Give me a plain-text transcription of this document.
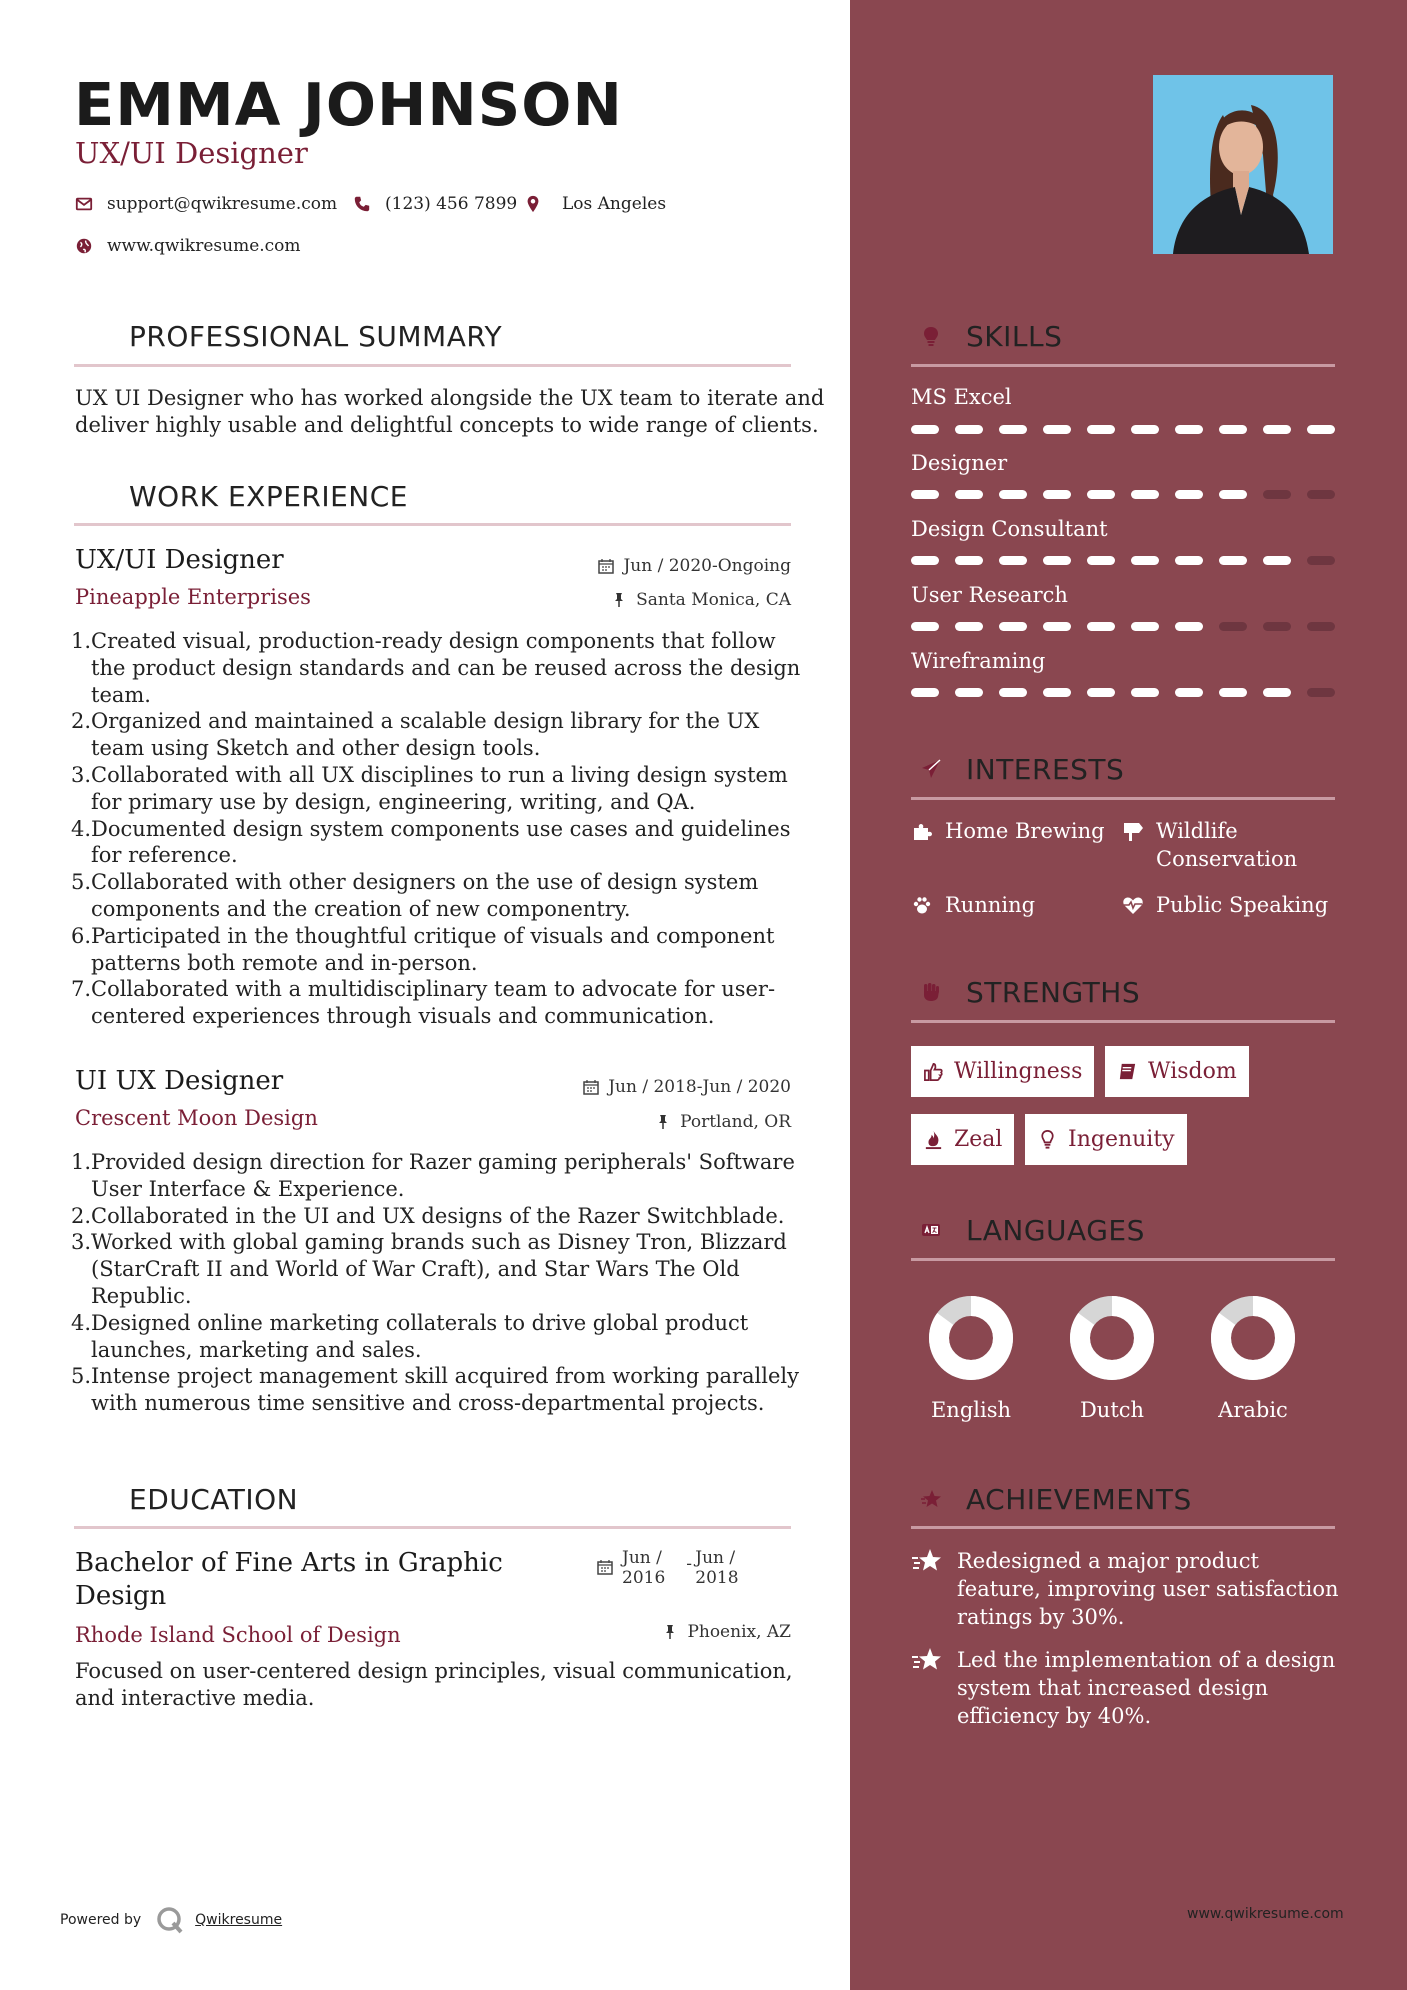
EMMA JOHNSON
UX/UI Designer
support@qwikresume.com	(123) 456 7899	Los Angeles
www.qwikresume.com
PROFESSIONAL SUMMARY
UX UI Designer who has worked alongside the UX team to iterate and
deliver highly usable and delightful concepts to wide range of clients.
WORK EXPERIENCE
UX/UI Designer
Pineapple Enterprises
Jun / 2020-Ongoing
Santa Monica, CA
1. Created visual, production-ready design components that follow
the product design standards and can be reused across the design
team.
2. Organized and maintained a scalable design library for the UX
team using Sketch and other design tools.
3. Collaborated with all UX disciplines to run a living design system
for primary use by design, engineering, writing, and QA.
4. Documented design system components use cases and guidelines
for reference.
5. Collaborated with other designers on the use of design system
components and the creation of new componentry.
6. Participated in the thoughtful critique of visuals and component
patterns both remote and in-person.
7. Collaborated with a multidisciplinary team to advocate for user-
centered experiences through visuals and communication.
UI UX Designer
Crescent Moon Design
Jun / 2018-Jun / 2020
Portland, OR
1. Provided design direction for Razer gaming peripherals' Software
User Interface & Experience.
2. Collaborated in the UI and UX designs of the Razer Switchblade.
3. Worked with global gaming brands such as Disney Tron, Blizzard
(StarCraft II and World of War Craft), and Star Wars The Old
Republic.
4. Designed online marketing collaterals to drive global product
launches, marketing and sales.
5. Intense project management skill acquired from working parallely
with numerous time sensitive and cross-departmental projects.
EDUCATION
Bachelor of Fine Arts in Graphic
Design
Rhode Island School of Design
Jun /
2016
- Jun /
2018
Phoenix, AZ
Focused on user-centered design principles, visual communication,
and interactive media.
SKILLS
MS Excel
Designer
Design Consultant
User Research
Wireframing
INTERESTS
Home Brewing Wildlife
Conservation
Running	Public Speaking
STRENGTHS
Willingness	Wisdom
Zeal	Ingenuity
LANGUAGES
English	Dutch	Arabic
ACHIEVEMENTS
Redesigned a major product
feature, improving user satisfaction
ratings by 30%.
Led the implementation of a design
system that increased design
efficiency by 40%.
Powered by	Qwikresume	www.qwikresume.com
